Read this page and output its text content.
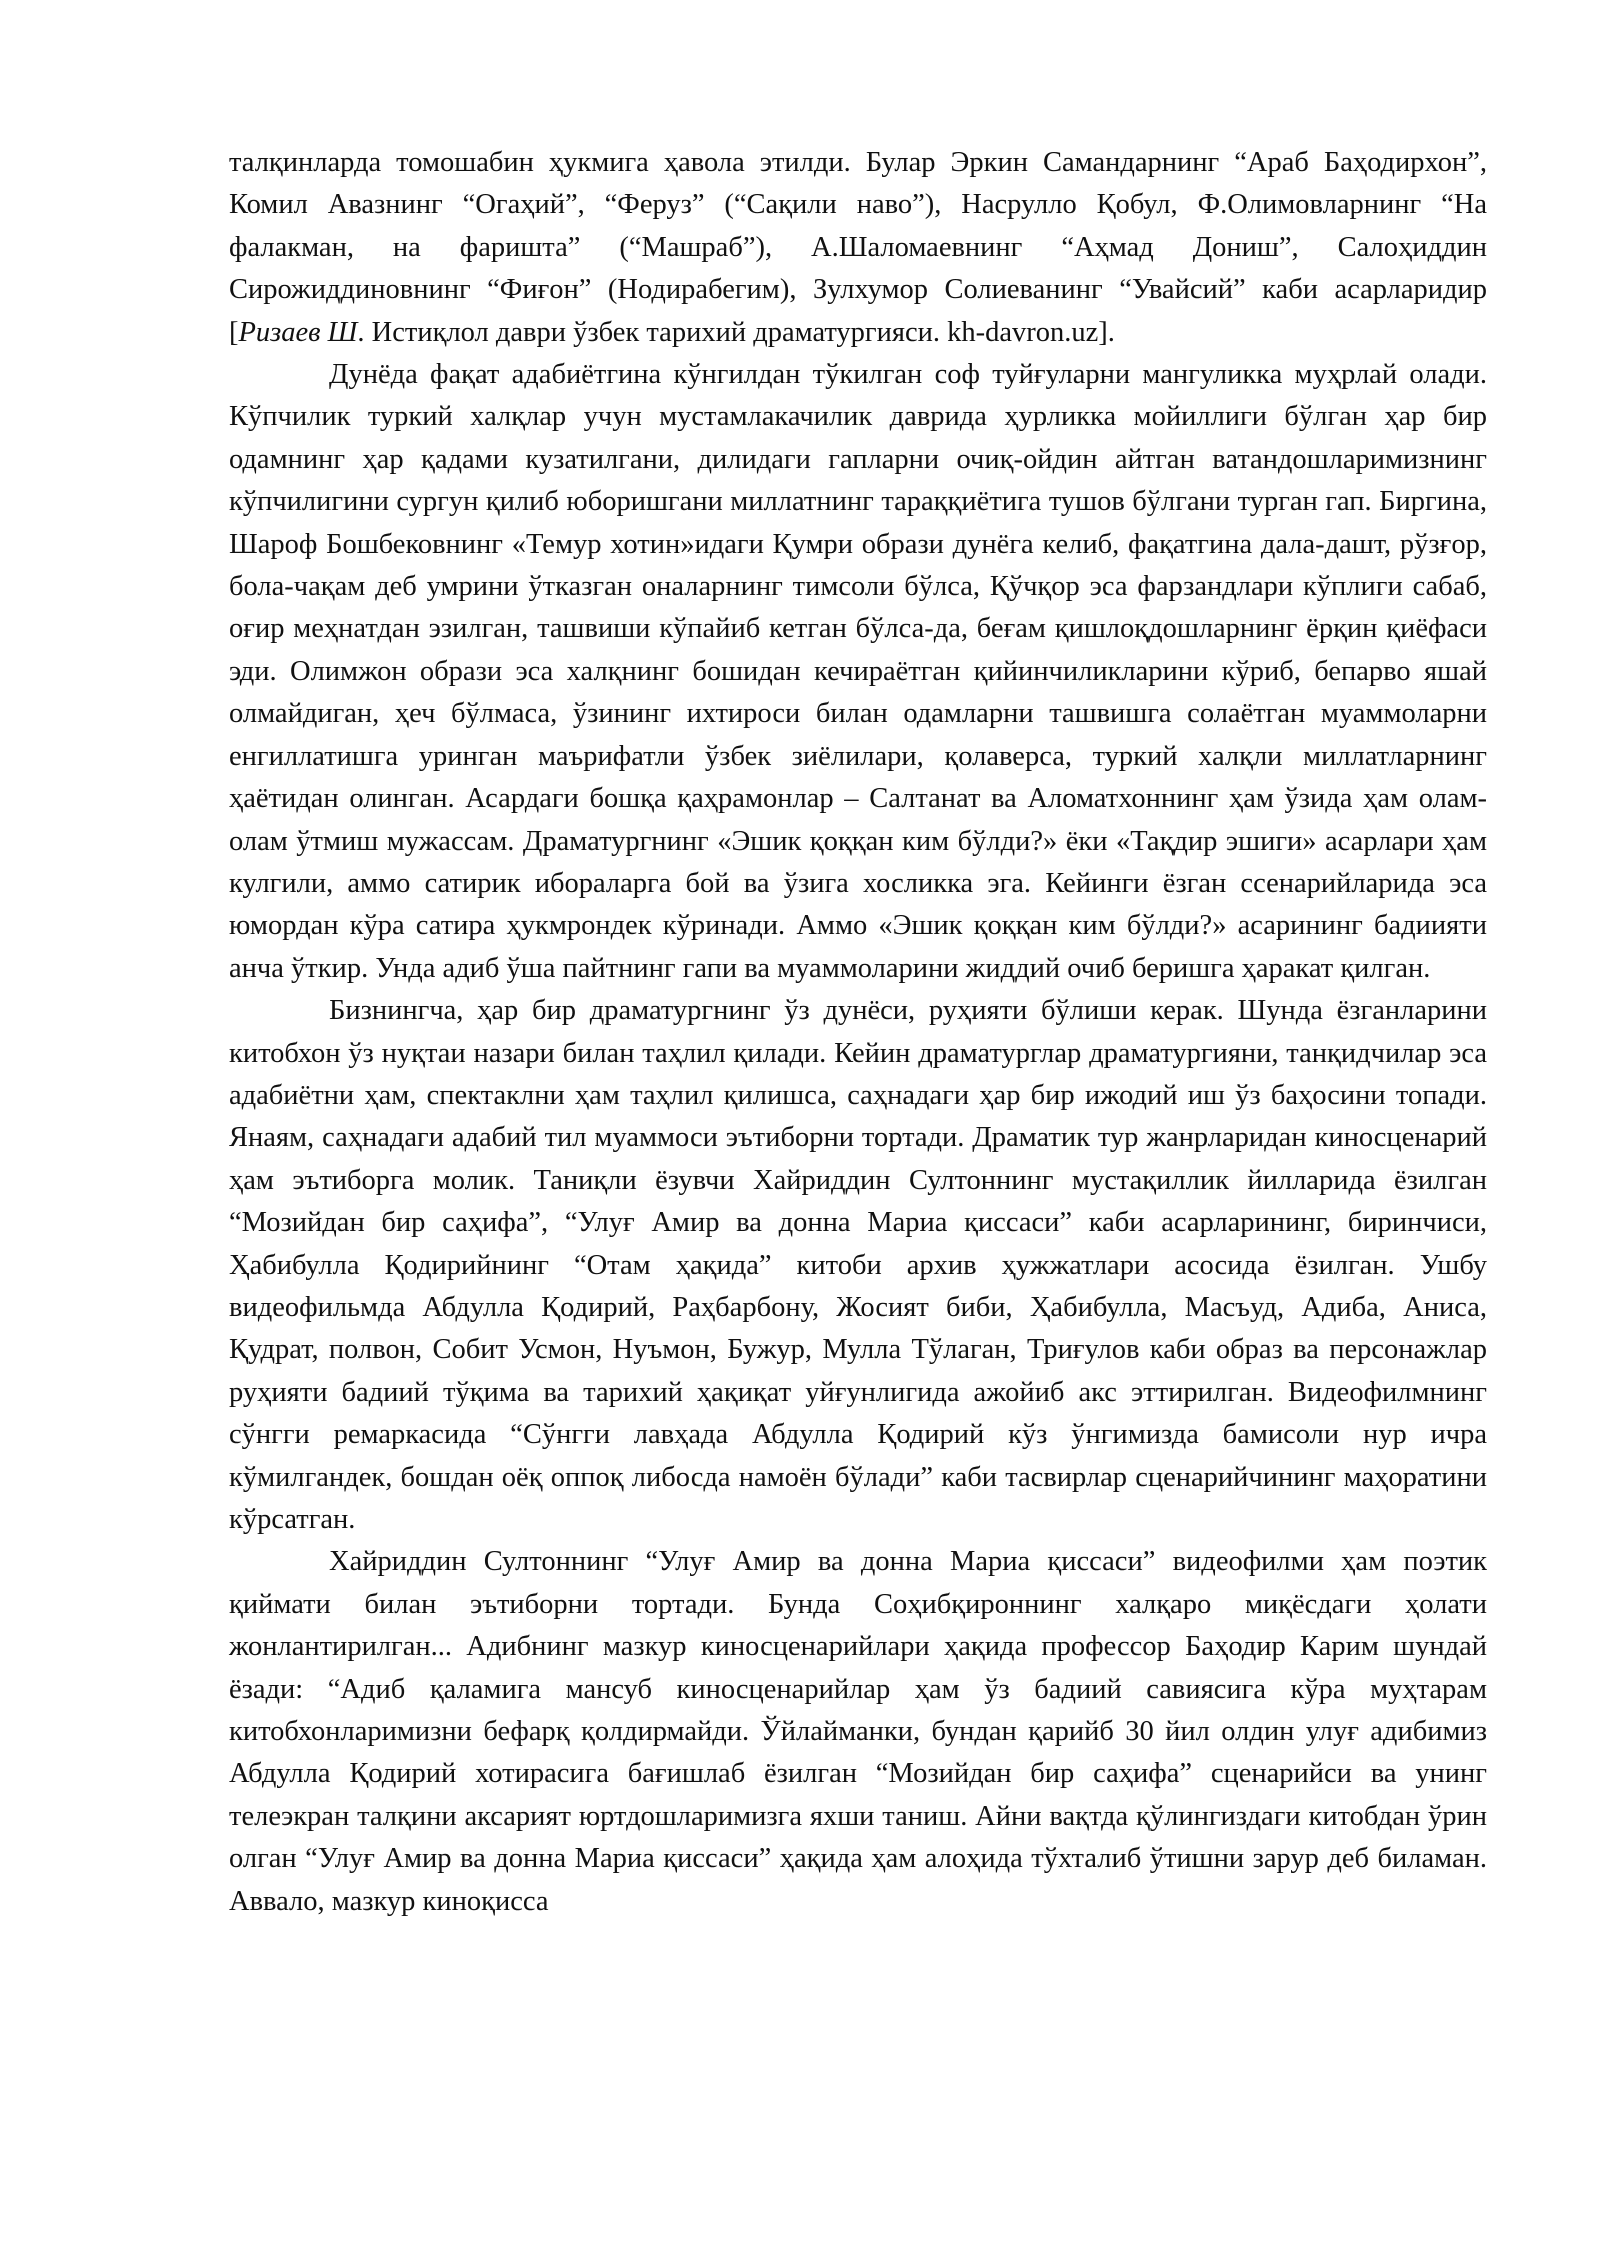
талқинларда томошабин ҳукмига ҳавола этилди. Булар Эркин Самандарнинг “Араб Баҳодирхон”, Комил Авазнинг “Огаҳий”, “Феруз” (“Сақили наво”), Насрулло Қобул, Ф.Олимовларнинг “На фалакман, на фаришта” (“Машраб”), А.Шаломаевнинг “Аҳмад Дониш”, Салоҳиддин Сирожиддиновнинг “Фиғон” (Нодирабегим), Зулхумор Солиеванинг “Увайсий” каби асарларидир [Ризаев Ш. Истиқлол даври ўзбек тарихий драматургияси. kh-davron.uz].

Дунёда фақат адабиётгина кўнгилдан тўкилган соф туйғуларни мангуликка муҳрлай олади. Кўпчилик туркий халқлар учун мустамлакачилик даврида ҳурликка мойиллиги бўлган ҳар бир одамнинг ҳар қадами кузатилгани, дилидаги гапларни очиқ-ойдин айтган ватандошларимизнинг кўпчилигини сургун қилиб юборишгани миллатнинг тараққиётига тушов бўлгани турган гап. Биргина, Шароф Бошбековнинг «Темур хотин»идаги Қумри образи дунёга келиб, фақатгина дала-дашт, рўзғор, бола-чақам деб умрини ўтказган оналарнинг тимсоли бўлса, Қўчқор эса фарзандлари кўплиги сабаб, оғир меҳнатдан эзилган, ташвиши кўпайиб кетган бўлса-да, беғам қишлоқдошларнинг ёрқин қиёфаси эди. Олимжон образи эса халқнинг бошидан кечираётган қийинчиликларини кўриб, бепарво яшай олмайдиган, ҳеч бўлмаса, ўзининг ихтироси билан одамларни ташвишга солаётган муаммоларни енгиллатишга уринган маърифатли ўзбек зиёлилари, қолаверса, туркий халқли миллатларнинг ҳаётидан олинган. Асардаги бошқа қаҳрамонлар – Салтанат ва Аломатхоннинг ҳам ўзида ҳам олам-олам ўтмиш мужассам. Драматургнинг «Эшик қоққан ким бўлди?» ёки «Тақдир эшиги» асарлари ҳам кулгили, аммо сатирик ибораларга бой ва ўзига хосликка эга. Кейинги ёзган ссенарийларида эса юмордан кўра сатира ҳукмрондек кўринади. Аммо «Эшик қоққан ким бўлди?» асарининг бадиияти анча ўткир. Унда адиб ўша пайтнинг гапи ва муаммоларини жиддий очиб беришга ҳаракат қилган.

Бизнингча, ҳар бир драматургнинг ўз дунёси, руҳияти бўлиши керак. Шунда ёзганларини китобхон ўз нуқтаи назари билан таҳлил қилади. Кейин драматурглар драматургияни, танқидчилар эса адабиётни ҳам, спектаклни ҳам таҳлил қилишса, саҳнадаги ҳар бир ижодий иш ўз баҳосини топади. Янаям, саҳнадаги адабий тил муаммоси эътиборни тортади. Драматик тур жанрларидан киносценарий ҳам эътиборга молик. Таниқли ёзувчи Хайриддин Султоннинг мустақиллик йилларида ёзилган “Мозийдан бир саҳифа”, “Улуғ Амир ва донна Мариа қиссаси” каби асарларининг, биринчиси, Ҳабибулла Қодирийнинг “Отам ҳақида” китоби архив ҳужжатлари асосида ёзилган. Ушбу видеофильмда Абдулла Қодирий, Раҳбарбону, Жосият биби, Ҳабибулла, Масъуд, Адиба, Аниса, Қудрат, полвон, Собит Усмон, Нуъмон, Бужур, Мулла Тўлаган, Триғулов каби образ ва персонажлар руҳияти бадиий тўқима ва тарихий ҳақиқат уйғунлигида ажойиб акс эттирилган. Видеофилмнинг сўнгги ремаркасида “Сўнгги лавҳада Абдулла Қодирий кўз ўнгимизда бамисоли нур ичра кўмилгандек, бошдан оёқ оппоқ либосда намоён бўлади” каби тасвирлар сценарийчининг маҳоратини кўрсатган.

Хайриддин Султоннинг “Улуғ Амир ва донна Мариа қиссаси” видеофилми ҳам поэтик қиймати билан эътиборни тортади. Бунда Соҳибқироннинг халқаро миқёсдаги ҳолати жонлантирилган... Адибнинг мазкур киносценарийлари ҳақида профессор Баҳодир Карим шундай ёзади: “Адиб қаламига мансуб киносценарийлар ҳам ўз бадиий савиясига кўра муҳтарам китобхонларимизни бефарқ қолдирмайди. Ўйлайманки, бундан қарийб 30 йил олдин улуғ адибимиз Абдулла Қодирий хотирасига бағишлаб ёзилган “Мозийдан бир саҳифа” сценарийси ва унинг телеэкран талқини аксарият юртдошларимизга яхши таниш. Айни вақтда қўлингиздаги китобдан ўрин олган “Улуғ Амир ва донна Мариа қиссаси” ҳақида ҳам алоҳида тўхталиб ўтишни зарур деб биламан. Аввало, мазкур киноқисса
